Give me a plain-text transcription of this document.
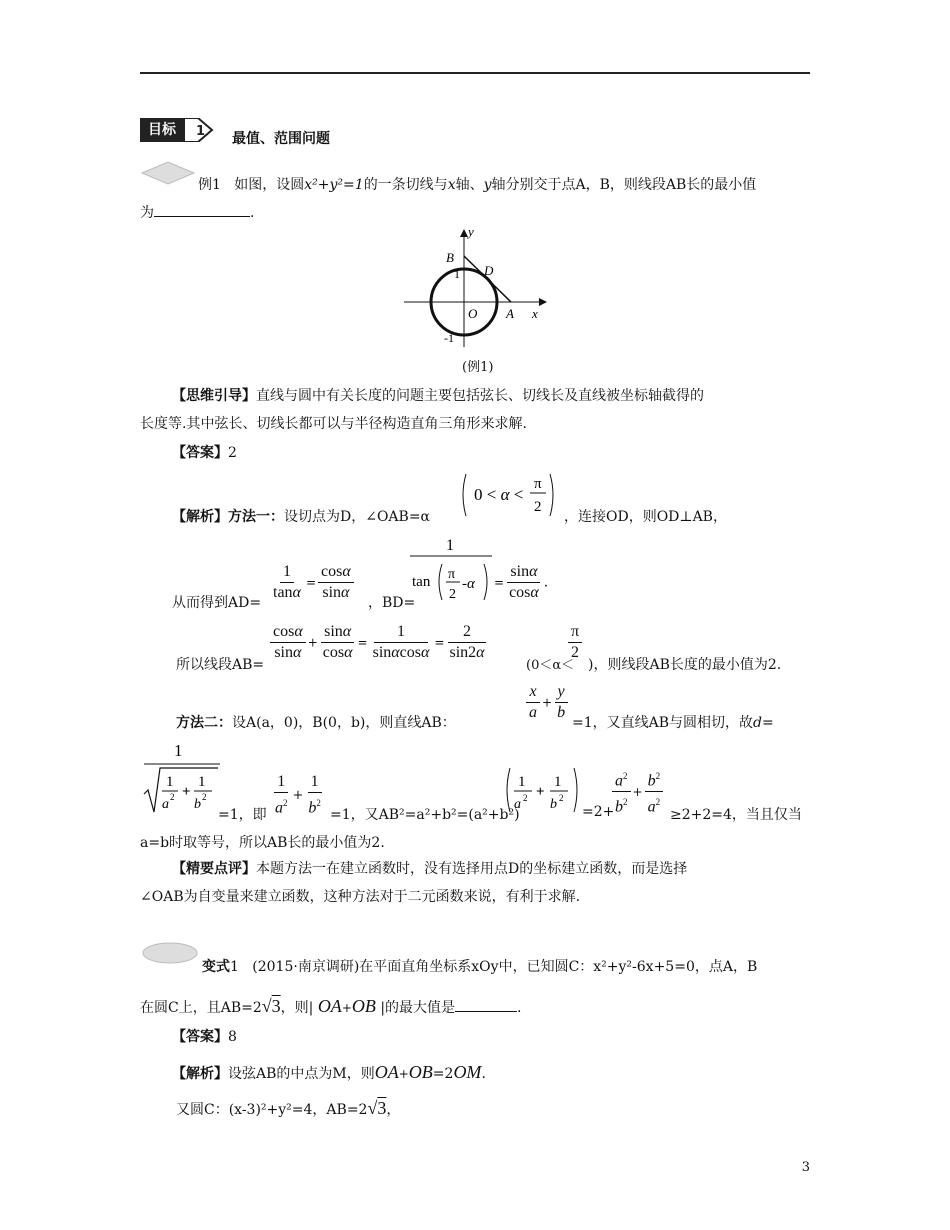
目标	1 最值、范围问题
例1 如图，设圆x²+y²=1的一条切线与x轴、y轴分别交于点A，B，则线段AB长的最小值
为	.
B
D
1
O A x
y
-1
(例1)
【思维引导】直线与圆中有关长度的问题主要包括弦长、切线长及直线被坐标轴截得的
长度等.其中弦长、切线长都可以与半径构造直角三角形来求解.
【答案】2
【解析】方法一：设切点为D，∠OAB=α
0 < α <
π
2
，连接OD，则OD⊥AB，
从而得到$AD= \frac{1}{\tan\alpha} = \frac{\cos\alpha}{\sin\alpha}$ ，BD=
1
tan π
2
$-\alpha = \frac{\sin\alpha}{\cos\alpha}$ .
所以线段AB=
$\frac{\cos\alpha}{\sin\alpha} + \frac{\sin\alpha}{\cos\alpha} = \frac{1}{\sin\alpha\cos\alpha} = \frac{2}{\sin 2\alpha}$
(0＜α＜
$\frac{\pi}{2}$
)，则线段AB长度的最小值为2.
方法二：设A(a，0)，B(0，b)，则直线AB：	$\frac{x}{a} + \frac{y}{b} =1$，又直线AB与圆相切，故d=
1
1
a 2 +
1
b 2
=1，即 $\frac{1}{a^2} + \frac{1}{b^2} =1$，又AB²=a²+b²=(a²+b²)
1
a 2 +
1
b 2
=2+
$\frac{a^2}{b^2} + \frac{b^2}{a^2} \ge 2+2=4$，当且仅当
a=b时取等号，所以AB长的最小值为2.
【精要点评】本题方法一在建立函数时，没有选择用点D的坐标建立函数，而是选择
∠OAB为自变量来建立函数，这种方法对于二元函数来说，有利于求解.
变式1 (2015·南京调研)在平面直角坐标系xOy中，已知圆C：x²+y²-6x+5=0，点A，B
在圆C上，且AB=2√3，则| OA+OB |的最大值是	.
【答案】8
【解析】设弦AB的中点为M，则OA+OB=2OM.
又圆C：(x-3)²+y²=4，AB=2√3，
3
